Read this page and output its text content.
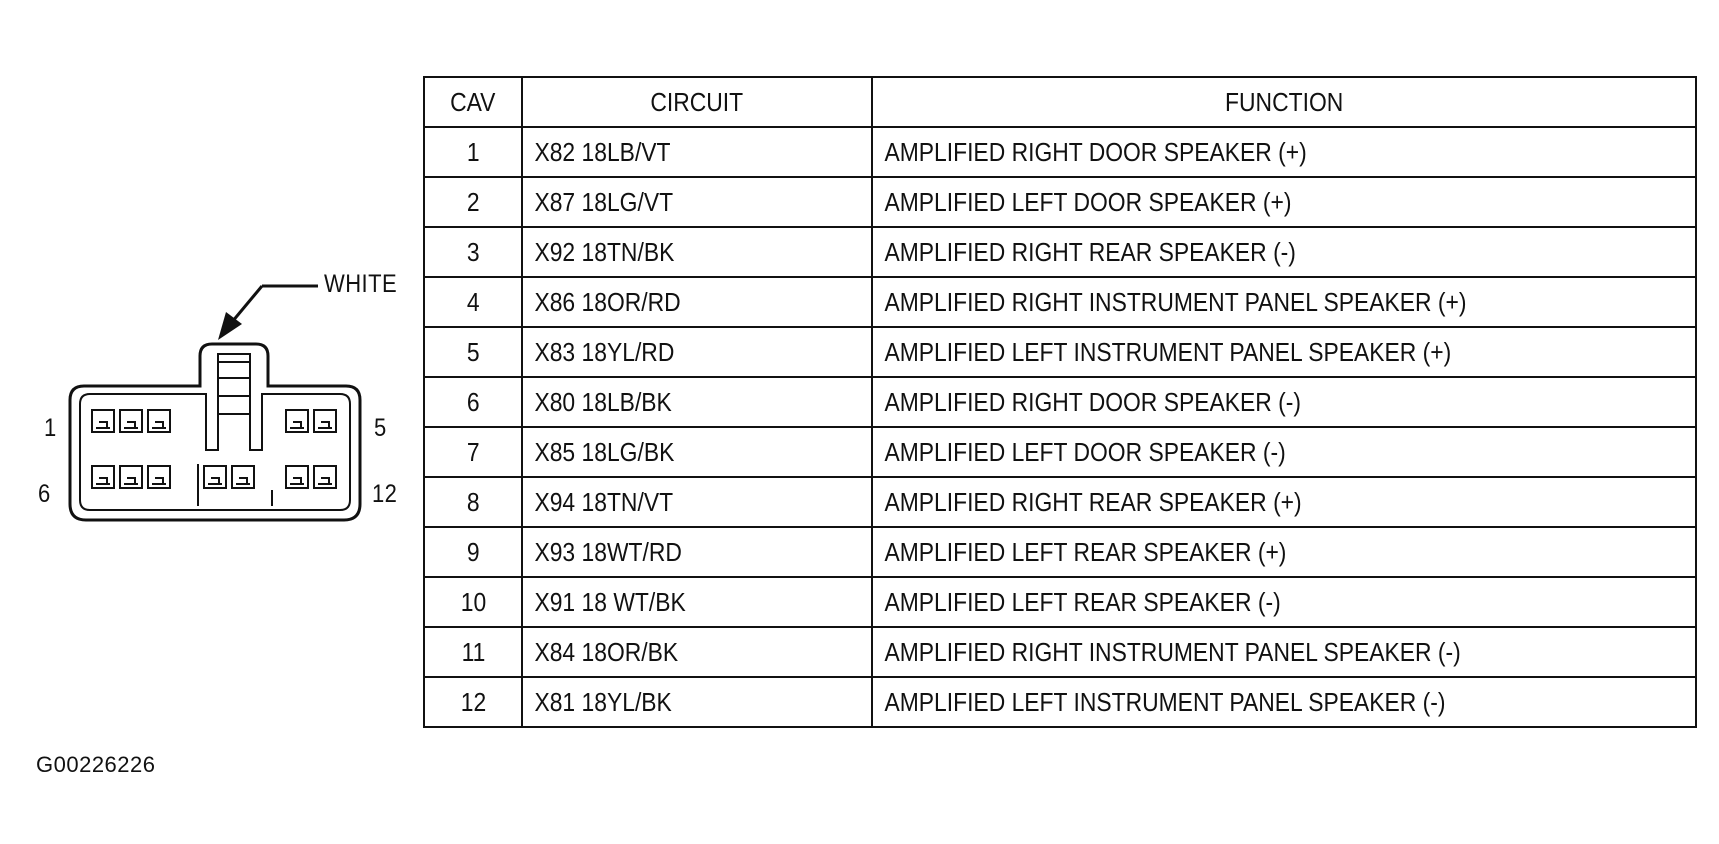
WHITE
1	5
6	12
CAV	CIRCUIT	FUNCTION
1	X82 18LB/VT	AMPLIFIED RIGHT DOOR SPEAKER (+)
2	X87 18LG/VT	AMPLIFIED LEFT DOOR SPEAKER (+)
3	X92 18TN/BK	AMPLIFIED RIGHT REAR SPEAKER (-)
4	X86 18OR/RD	AMPLIFIED RIGHT INSTRUMENT PANEL SPEAKER (+)
5	X83 18YL/RD	AMPLIFIED LEFT INSTRUMENT PANEL SPEAKER (+)
6	X80 18LB/BK	AMPLIFIED RIGHT DOOR SPEAKER (-)
7	X85 18LG/BK	AMPLIFIED LEFT DOOR SPEAKER (-)
8	X94 18TN/VT	AMPLIFIED RIGHT REAR SPEAKER (+)
9	X93 18WT/RD	AMPLIFIED LEFT REAR SPEAKER (+)
10	X91 18 WT/BK	AMPLIFIED LEFT REAR SPEAKER (-)
11	X84 18OR/BK	AMPLIFIED RIGHT INSTRUMENT PANEL SPEAKER (-)
12	X81 18YL/BK	AMPLIFIED LEFT INSTRUMENT PANEL SPEAKER (-)
G00226226
